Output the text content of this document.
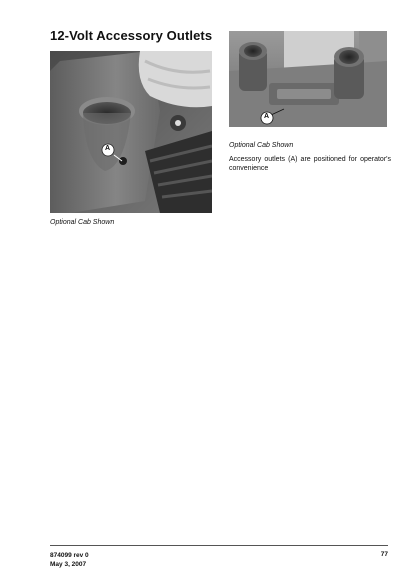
12-Volt Accessory Outlets
A
Optional Cab Shown
A
Optional Cab Shown
Accessory outlets (A) are positioned for operator's convenience
874099 rev 0
May 3, 2007
77
